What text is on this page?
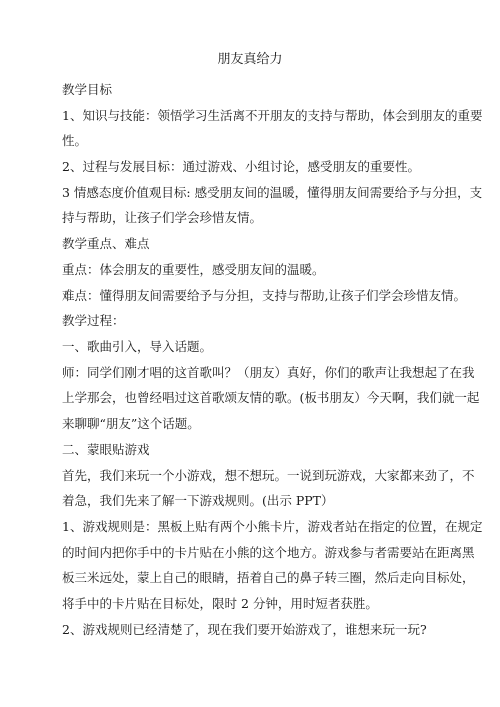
朋友真给力

教学目标

1、知识与技能：领悟学习生活离不开朋友的支持与帮助，体会到朋友的重要

性。

2、过程与发展目标：通过游戏、小组讨论，感受朋友的重要性。

3 情感态度价值观目标: 感受朋友间的温暖，懂得朋友间需要给予与分担，支

持与帮助，让孩子们学会珍惜友情。

教学重点、难点

重点：体会朋友的重要性，感受朋友间的温暖。

难点：懂得朋友间需要给予与分担，支持与帮助,让孩子们学会珍惜友情。

教学过程：

一、歌曲引入，导入话题。

师：同学们刚才唱的这首歌叫？（朋友）真好，你们的歌声让我想起了在我

上学那会，也曾经唱过这首歌颂友情的歌。(板书朋友）今天啊，我们就一起

来聊聊“朋友”这个话题。

二、蒙眼贴游戏

首先，我们来玩一个小游戏，想不想玩。一说到玩游戏，大家都来劲了，不

着急，我们先来了解一下游戏规则。(出示 PPT）

1、游戏规则是：黑板上贴有两个小熊卡片，游戏者站在指定的位置，在规定

的时间内把你手中的卡片贴在小熊的这个地方。游戏参与者需要站在距离黑

板三米远处，蒙上自己的眼睛，捂着自己的鼻子转三圈，然后走向目标处，

将手中的卡片贴在目标处，限时 2 分钟，用时短者获胜。

2、游戏规则已经清楚了，现在我们要开始游戏了，谁想来玩一玩?
